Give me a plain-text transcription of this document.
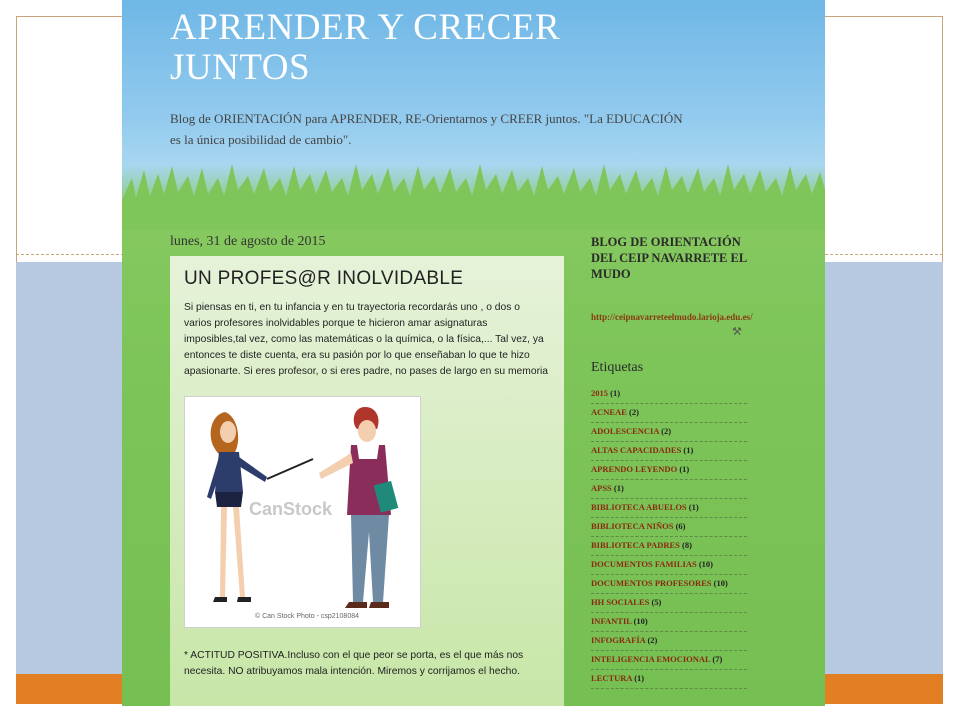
APRENDER Y CRECER JUNTOS

Blog de ORIENTACIÓN para APRENDER, RE-Orientarnos y CREER juntos. "La EDUCACIÓN es la única posibilidad de cambio".

lunes, 31 de agosto de 2015
UN PROFES@R INOLVIDABLE

Si piensas en ti, en tu infancia y en tu trayectoria recordarás uno , o dos o varios profesores inolvidables porque te hicieron amar asignaturas imposibles,tal vez, como las matemáticas o la química, o la física,... Tal vez, ya entonces te diste cuenta, era su pasión por lo que enseñaban lo que te hizo apasionarte. Si eres profesor, o si eres padre, no pases de largo en su memoria

CanStock
© Can Stock Photo - csp2108084

* ACTITUD POSITIVA.Incluso con el que peor se porta, es el que más nos necesita. NO atribuyamos mala intención. Miremos y corrijamos el hecho.

BLOG DE ORIENTACIÓN DEL CEIP NAVARRETE EL MUDO
http://ceipnavarreteelmudo.larioja.edu.es/
⚒
Etiquetas
2015 (1)
ACNEAE (2)
ADOLESCENCIA (2)
ALTAS CAPACIDADES (1)
APRENDO LEYENDO (1)
APSS (1)
BIBLIOTECA ABUELOS (1)
BIBLIOTECA NIÑOS (6)
BIBLIOTECA PADRES (8)
DOCUMENTOS FAMILIAS (10)
DOCUMENTOS PROFESORES (10)
HH SOCIALES (5)
INFANTIL (10)
INFOGRAFÍA (2)
INTELIGENCIA EMOCIONAL (7)
LECTURA (1)
